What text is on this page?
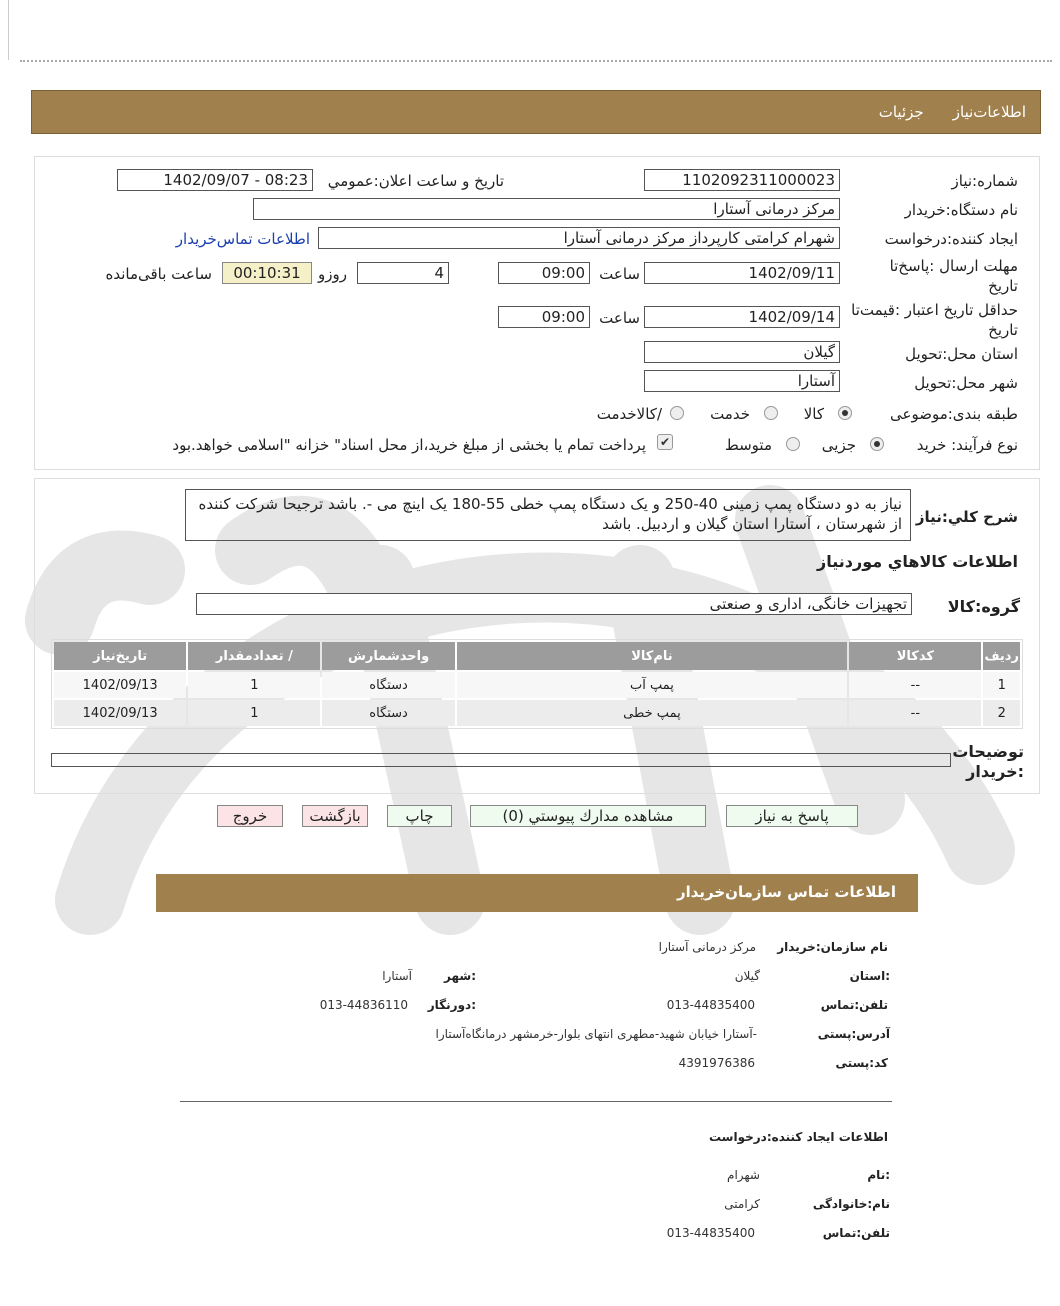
اطلاعات‌نیاز جزئیات
شماره‌:نیاز
1102092311000023
تاریخ و ساعت اعلان:عمومي
1402/09/07 - 08:23
نام دستگاه:خریدار
مرکز درمانی آستارا
ایجاد کننده:درخواست
شهرام کرامتی کارپرداز مرکز درمانی آستارا
اطلاعات تماس‌خریدار
مهلت ارسال :پاسخ‌تا تاریخ
1402/09/11
ساعت
09:00
4
روزو
00:10:31
ساعت باقی‌مانده
حداقل تاریخ اعتبار :قیمت‌تا تاریخ
1402/09/14
ساعت
09:00
استان محل:تحویل
گیلان
شهر محل:تحویل
آستارا
طبقه بندی:موضوعی
کالا
خدمت
/کالاخدمت
نوع فرآیند: خرید
جزیی
متوسط
✔
پرداخت تمام یا بخشی از مبلغ خرید،از محل اسناد" خزانه "اسلامی خواهد.بود
شرح کلي:نیاز
نیاز به دو دستگاه پمپ زمینی 40-250 و یک دستگاه پمپ خطی 55-180 یک اینچ می -. باشد ترجیحا شرکت کننده از شهرستان ، آستارا استان گیلان و اردبیل. باشد
اطلاعات کالاهاي موردنیاز
گروه:کالا
تجهیزات خانگی، اداری و صنعتی
ردیف	کدکالا	نام‌کالا	واحدشمارش	/ تعدادمقدار	تاریخ‌نیاز
1	--	پمپ آب	دستگاه	1	1402/09/13
2	--	پمپ خطی	دستگاه	1	1402/09/13
توضیحات :خریدار
پاسخ به نیاز
مشاهده مدارك پیوستي (0)
چاپ
بازگشت
خروج
اطلاعات تماس سازمان‌خریدار
نام سازمان:خریدار
مرکز درمانی آستارا
:استان
گیلان
:شهر
آستارا
تلفن:تماس
013-44835400
:دورنگار
013-44836110
آدرس:پستی
-آستارا خیابان شهید-مطهری انتهای بلوار-خرمشهر درمانگاه‌آستارا
کد:پستی
4391976386
اطلاعات ایجاد کننده:درخواست
:نام
شهرام
نام:خانوادگی
کرامتی
تلفن:تماس
013-44835400
